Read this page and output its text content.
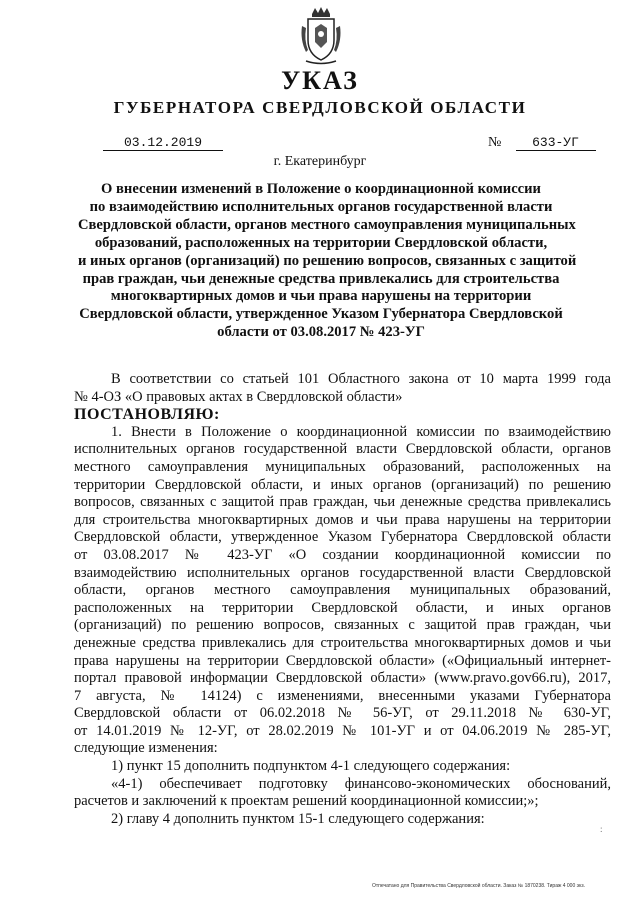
УКАЗ
ГУБЕРНАТОРА СВЕРДЛОВСКОЙ ОБЛАСТИ
03.12.2019	№ 633-УГ
г. Екатеринбург
О внесении изменений в Положение о координационной комиссии
по взаимодействию исполнительных органов государственной власти
Свердловской области, органов местного самоуправления муниципальных
образований, расположенных на территории Свердловской области,
и иных органов (организаций) по решению вопросов, связанных с защитой
прав граждан, чьи денежные средства привлекались для строительства
многоквартирных домов и чьи права нарушены на территории
Свердловской области, утвержденное Указом Губернатора Свердловской
области от 03.08.2017 № 423-УГ
В соответствии со статьей 101 Областного закона от 10 марта 1999 года
№ 4-ОЗ «О правовых актах в Свердловской области»
ПОСТАНОВЛЯЮ:
1. Внести в Положение о координационной комиссии по взаимодействию
исполнительных органов государственной власти Свердловской области, органов
местного самоуправления муниципальных образований, расположенных на
территории Свердловской области, и иных органов (организаций) по решению
вопросов, связанных с защитой прав граждан, чьи денежные средства привлекались
для строительства многоквартирных домов и чьи права нарушены на территории
Свердловской области, утвержденное Указом Губернатора Свердловской области
от 03.08.2017 № 423-УГ «О создании координационной комиссии по
взаимодействию исполнительных органов государственной власти Свердловской
области, органов местного самоуправления муниципальных образований,
расположенных на территории Свердловской области, и иных органов
(организаций) по решению вопросов, связанных с защитой прав граждан, чьи
денежные средства привлекались для строительства многоквартирных домов и чьи
права нарушены на территории Свердловской области» («Официальный интернет-
портал правовой информации Свердловской области» (www.pravo.gov66.ru), 2017,
7 августа, № 14124) с изменениями, внесенными указами Губернатора
Свердловской области от 06.02.2018 № 56-УГ, от 29.11.2018 № 630-УГ,
от 14.01.2019 № 12-УГ, от 28.02.2019 № 101-УГ и от 04.06.2019 № 285-УГ,
следующие изменения:
1) пункт 15 дополнить подпунктом 4-1 следующего содержания:
«4-1) обеспечивает подготовку финансово-экономических обоснований,
расчетов и заключений к проектам решений координационной комиссии;»;
2) главу 4 дополнить пунктом 15-1 следующего содержания:
:
Отпечатано для Правительства Свердловской области. Заказ № 1870238. Тираж 4 000 экз.
